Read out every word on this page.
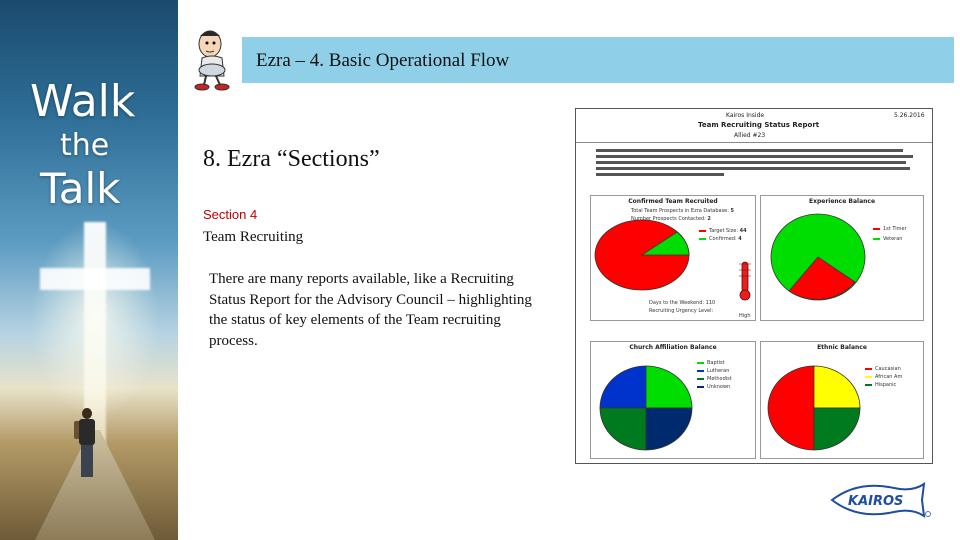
Walk
the
Talk
Ezra – 4. Basic Operational Flow
8. Ezra “Sections”
Section 4
Team Recruiting
There are many reports available, like a Recruiting Status Report for the Advisory Council – highlighting the status of key elements of the Team recruiting process.
Kairos Inside
Team Recruiting Status Report
Allied #23
5.26.2016
Confirmed Team Recruited
Total Team Prospects in Ezra Database: 5
Number Prospects Contacted: 2
Target Size: 44
Confirmed: 4
Days to the Weekend: 110
Recruiting Urgency Level:
High
Experience Balance
1st Timer
Veteran
Church Affiliation Balance
Baptist
Lutheran
Methodist
Unknown
Ethnic Balance
Caucasian
African Am
Hispanic
KAIROS
